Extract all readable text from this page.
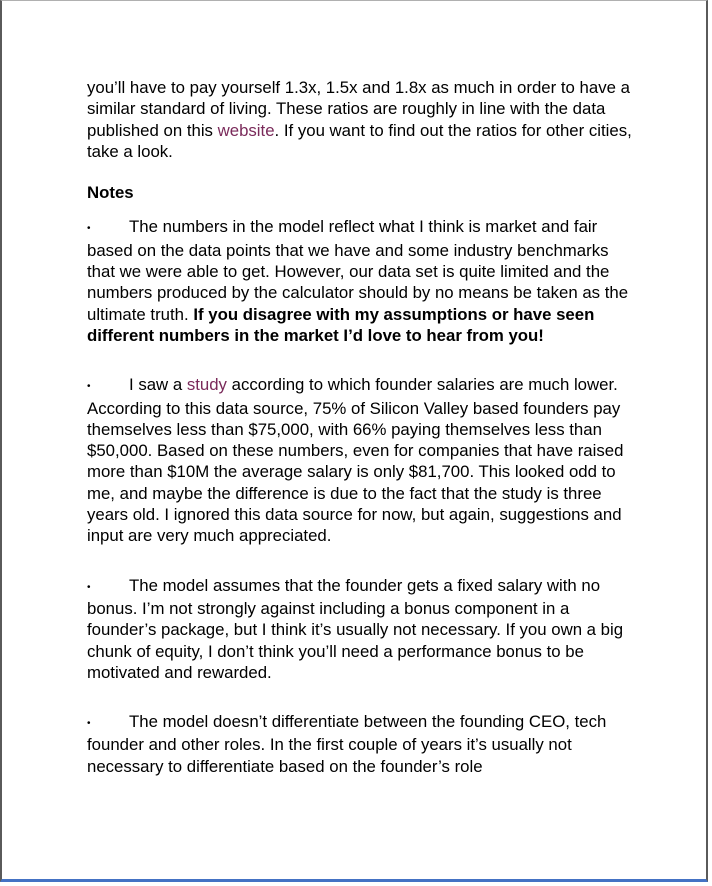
you’ll have to pay yourself 1.3x, 1.5x and 1.8x as much in order to have a similar standard of living. These ratios are roughly in line with the data published on this website. If you want to find out the ratios for other cities, take a look.

Notes

• The numbers in the model reflect what I think is market and fair based on the data points that we have and some industry benchmarks that we were able to get. However, our data set is quite limited and the numbers produced by the calculator should by no means be taken as the ultimate truth. If you disagree with my assumptions or have seen different numbers in the market I’d love to hear from you!

• I saw a study according to which founder salaries are much lower. According to this data source, 75% of Silicon Valley based founders pay themselves less than $75,000, with 66% paying themselves less than $50,000. Based on these numbers, even for companies that have raised more than $10M the average salary is only $81,700. This looked odd to me, and maybe the difference is due to the fact that the study is three years old. I ignored this data source for now, but again, suggestions and input are very much appreciated.

• The model assumes that the founder gets a fixed salary with no bonus. I’m not strongly against including a bonus component in a founder’s package, but I think it’s usually not necessary. If you own a big chunk of equity, I don’t think you’ll need a performance bonus to be motivated and rewarded.

• The model doesn’t differentiate between the founding CEO, tech founder and other roles. In the first couple of years it’s usually not necessary to differentiate based on the founder’s role
